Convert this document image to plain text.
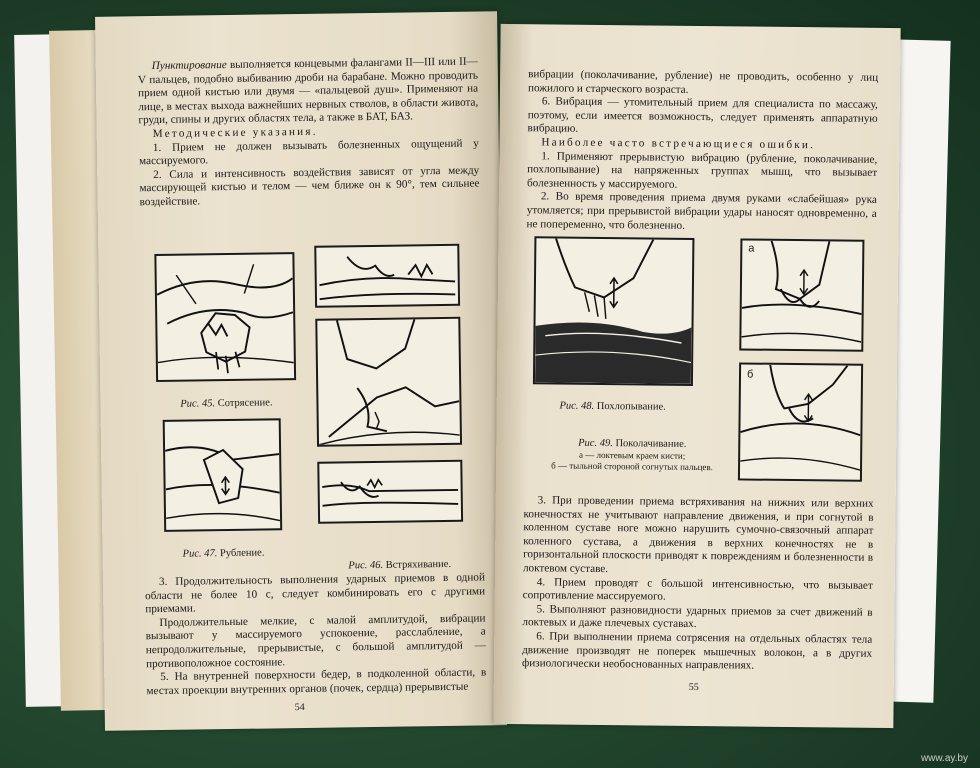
Пунктирование выполняется концевыми фалангами II—III или II—V пальцев, подобно выбиванию дроби на барабане. Можно проводить прием одной кистью или двумя — «пальцевой душ». Применяют на лице, в местах выхода важнейших нервных стволов, в области живота, груди, спины и других областях тела, а также в БАТ, БАЗ.

Методические указания.

1. Прием не должен вызывать болезненных ощущений у массируемого.

2. Сила и интенсивность воздействия зависят от угла между массирующей кистью и телом — чем ближе он к 90°, тем сильнее воздействие.

Рис. 45. Сотрясение.
Рис. 47. Рубление.
Рис. 46. Встряхивание.

3. Продолжительность выполнения ударных приемов в одной области не более 10 с, следует комбинировать его с другими приемами.

Продолжительные мелкие, с малой амплитудой, вибрации вызывают у массируемого успокоение, расслабление, а непродолжительные, прерывистые, с большой амплитудой — противоположное состояние.

5. На внутренней поверхности бедер, в подколенной области, в местах проекции внутренних органов (почек, сердца) прерывистые

54

вибрации (поколачивание, рубление) не проводить, особенно у лиц пожилого и старческого возраста.

6. Вибрация — утомительный прием для специалиста по массажу, поэтому, если имеется возможность, следует применять аппаратную вибрацию.

Наиболее часто встречающиеся ошибки.

1. Применяют прерывистую вибрацию (рубление, поколачивание, похлопывание) на напряженных группах мышц, что вызывает болезненность у массируемого.

2. Во время проведения приема двумя руками «слабейшая» рука утомляется; при прерывистой вибрации удары наносят одновременно, а не попеременно, что болезненно.

Рис. 48. Похлопывание.
а
б
Рис. 49. Поколачивание.
а — локтевым краем кисти;
б — тыльной стороной согнутых пальцев.

3. При проведении приема встряхивания на нижних или верхних конечностях не учитывают направление движения, и при согнутой в коленном суставе ноге можно нарушить сумочно-связочный аппарат коленного сустава, а движения в верхних конечностях не в горизонтальной плоскости приводят к повреждениям и болезненности в локтевом суставе.

4. Прием проводят с большой интенсивностью, что вызывает сопротивление массируемого.

5. Выполняют разновидности ударных приемов за счет движений в локтевых и даже плечевых суставах.

6. При выполнении приема сотрясения на отдельных областях тела движение производят не поперек мышечных волокон, а в других физиологически необоснованных направлениях.

55
www.ay.by
